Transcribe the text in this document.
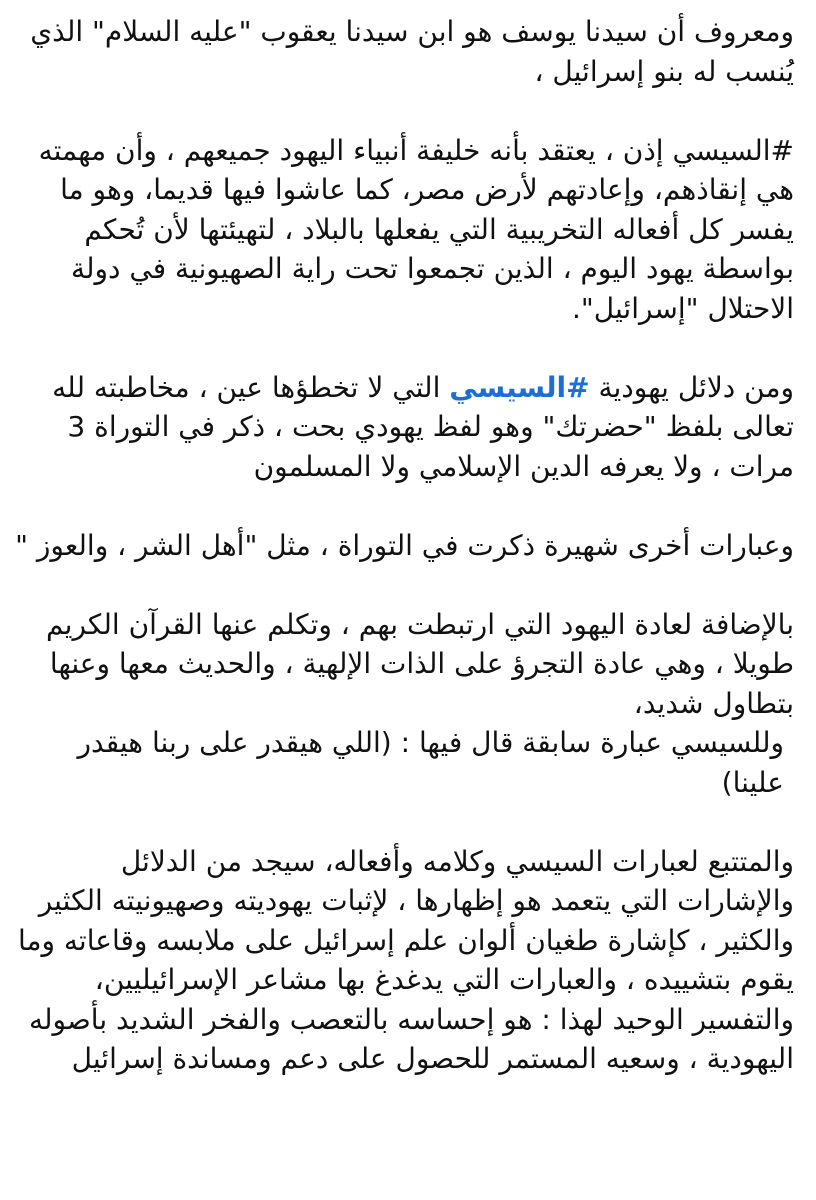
ومعروف أن سيدنا يوسف هو ابن سيدنا يعقوب "عليه السلام" الذي
يُنسب له بنو إسرائيل ،
#السيسي إذن ، يعتقد بأنه خليفة أنبياء اليهود جميعهم ، وأن مهمته
هي إنقاذهم، وإعادتهم لأرض مصر، كما عاشوا فيها قديما، وهو ما
يفسر كل أفعاله التخريبية التي يفعلها بالبلاد ، لتهيئتها لأن تُحكم
بواسطة يهود اليوم ، الذين تجمعوا تحت راية الصهيونية في دولة
الاحتلال "إسرائيل".
ومن دلائل يهودية #السيسي التي لا تخطؤها عين ، مخاطبته لله
تعالى بلفظ "حضرتك" وهو لفظ يهودي بحت ، ذكر في التوراة 3
مرات ، ولا يعرفه الدين الإسلامي ولا المسلمون
وعبارات أخرى شهيرة ذكرت في التوراة ، مثل "أهل الشر ، والعوز "
بالإضافة لعادة اليهود التي ارتبطت بهم ، وتكلم عنها القرآن الكريم
طويلا ، وهي عادة التجرؤ على الذات الإلهية ، والحديث معها وعنها
بتطاول شديد،
وللسيسي عبارة سابقة قال فيها : (اللي هيقدر على ربنا هيقدر علينا)
والمتتبع لعبارات السيسي وكلامه وأفعاله، سيجد من الدلائل
والإشارات التي يتعمد هو إظهارها ، لإثبات يهوديته وصهيونيته الكثير
والكثير ، كإشارة طغيان ألوان علم إسرائيل على ملابسه وقاعاته وما
يقوم بتشييده ، والعبارات التي يدغدغ بها مشاعر الإسرائيليين،
والتفسير الوحيد لهذا : هو إحساسه بالتعصب والفخر الشديد بأصوله
اليهودية ، وسعيه المستمر للحصول على دعم ومساندة إسرائيل
